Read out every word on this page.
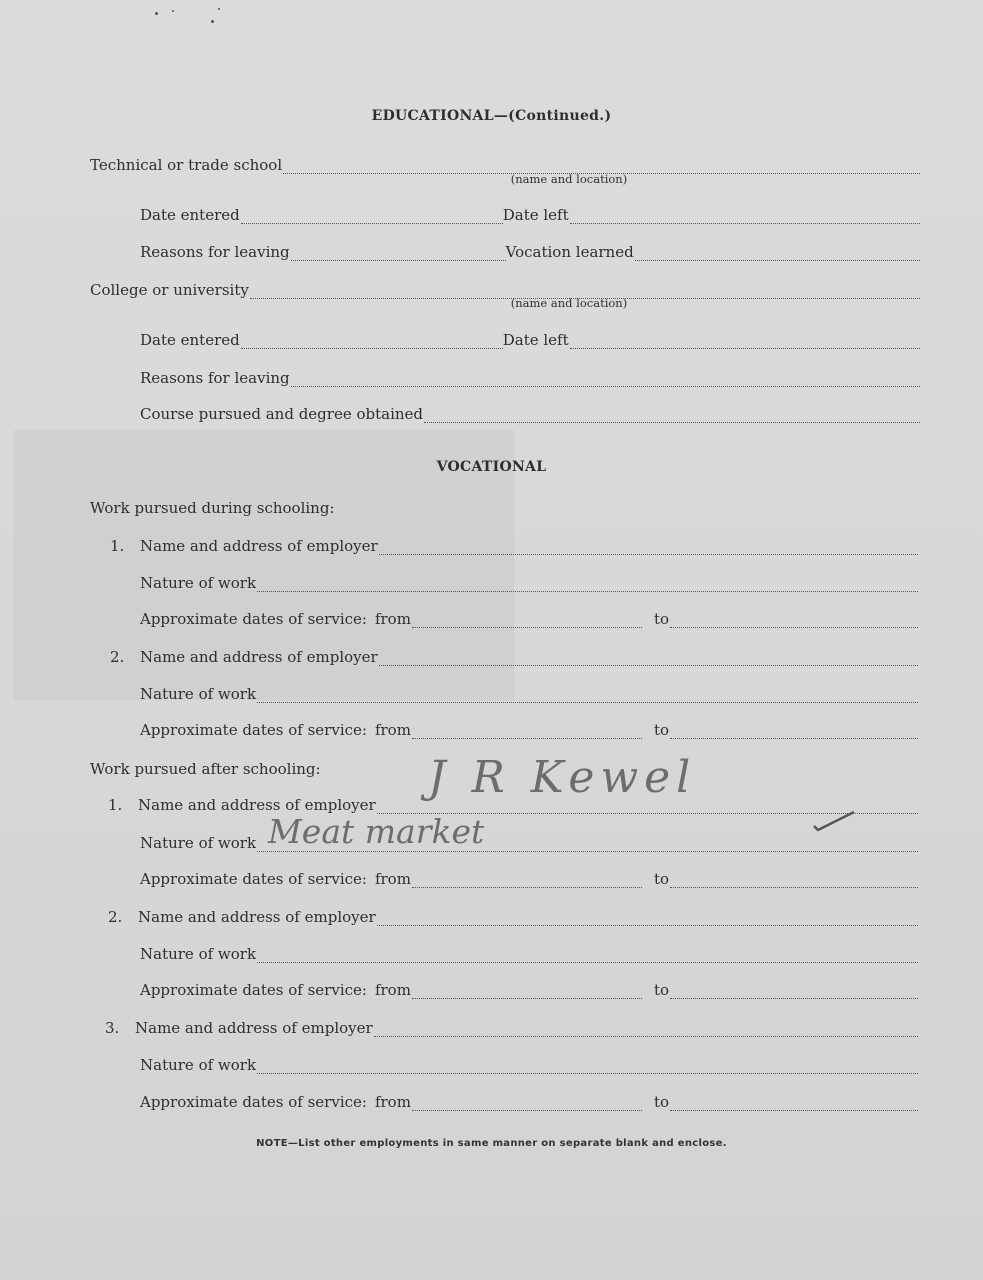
EDUCATIONAL—(Continued.)
Technical or trade school
(name and location)
Date entered	Date left
Reasons for leaving	Vocation learned
College or university
(name and location)
Date entered	Date left
Reasons for leaving
Course pursued and degree obtained
VOCATIONAL
Work pursued during schooling:
1.	Name and address of employer
Nature of work
Approximate dates of service: from	to
2.	Name and address of employer
Nature of work
Approximate dates of service: from	to
Work pursued after schooling:
1.	Name and address of employer
J R Kewel
Nature of work Meat market
Approximate dates of service: from	to
2.	Name and address of employer
Nature of work
Approximate dates of service: from	to
3.	Name and address of employer
Nature of work
Approximate dates of service: from	to
NOTE—List other employments in same manner on separate blank and enclose.
